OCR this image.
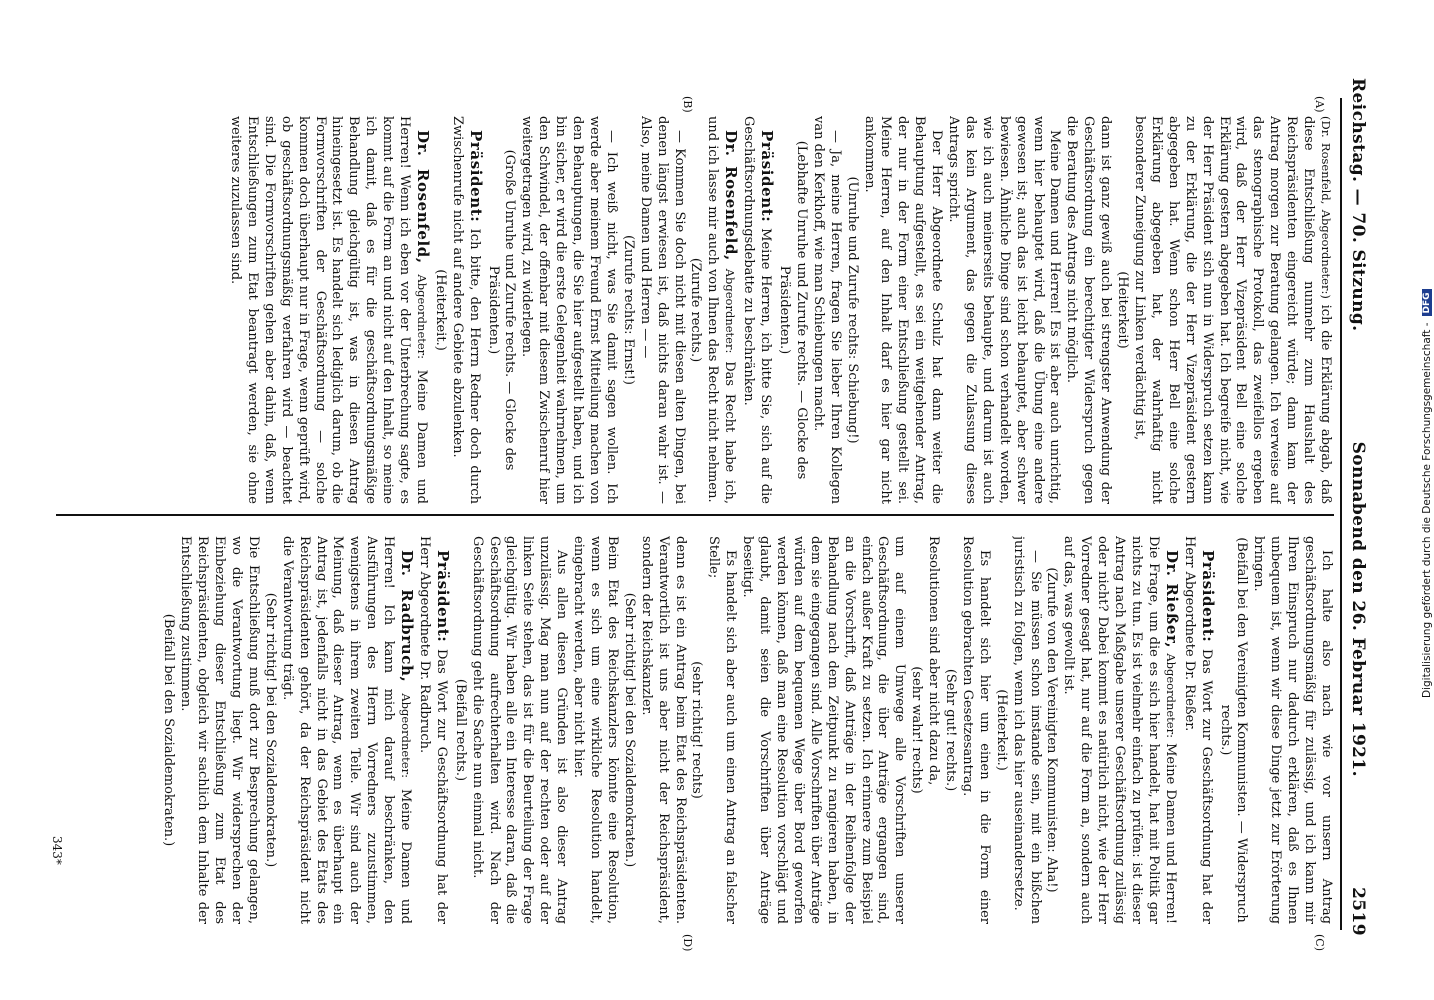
Reichstag. — 70. Sitzung.
Sonnabend den 26. Februar 1921.
2519
(A)
(B)
(C)
(D)

(Dr. Rosenfeld, Abgeordneter:) ich die Erklärung abgab, daß diese Entschließung nunmehr zum Haushalt des Reichspräsidenten eingereicht würde; dann kam der Antrag morgen zur Beratung gelangen. Ich verweise auf das stenographische Protokoll, das zweifellos ergeben wird, daß der Herr Vizepräsident Bell eine solche Erklärung gestern abgegeben hat. Ich begreife nicht, wie der Herr Präsident sich nun in Widerspruch setzen kann zu der Erklärung, die der Herr Vizepräsident gestern abgegeben hat. Wenn schon Herr Bell eine solche Erklärung abgegeben hat, der wahrhaftig nicht besonderer Zuneigung zur Linken verdächtig ist,

(Heiterkeit)

dann ist ganz gewiß auch bei strengster Anwendung der Geschäftsordnung ein berechtigter Widerspruch gegen die Beratung des Antrags nicht möglich.

Meine Damen und Herren! Es ist aber auch unrichtig, wenn hier behauptet wird, daß die Übung eine andere gewesen ist; auch das ist leicht behauptet, aber schwer bewiesen. Ähnliche Dinge sind schon verhandelt worden, wie ich auch meinerseits behaupte, und darum ist auch das kein Argument, das gegen die Zulassung dieses Antrags spricht.

Der Herr Abgeordnete Schulz hat dann weiter die Behauptung aufgestellt, es sei ein weitgehender Antrag, der nur in der Form einer Entschließung gestellt sei. Meine Herren, auf den Inhalt darf es hier gar nicht ankommen.

(Unruhe und Zurufe rechts: Schiebung!)

— Ja, meine Herren, fragen Sie lieber Ihren Kollegen van den Kerkhoff, wie man Schiebungen macht.

(Lebhafte Unruhe und Zurufe rechts. — Glocke des Präsidenten.)

Präsident: Meine Herren, ich bitte Sie, sich auf die Geschäftsordnungsdebatte zu beschränken.

Dr. Rosenfeld, Abgeordneter: Das Recht habe ich, und ich lasse mir auch von Ihnen das Recht nicht nehmen.

(Zurufe rechts.)

— Kommen Sie doch nicht mit diesen alten Dingen, bei denen längst erwiesen ist, daß nichts daran wahr ist. — Also, meine Damen und Herren — —

(Zurufe rechts: Ernst!)

— Ich weiß nicht, was Sie damit sagen wollen. Ich werde aber meinem Freund Ernst Mitteilung machen von den Behauptungen, die Sie hier aufgestellt haben, und ich bin sicher, er wird die erste Gelegenheit wahrnehmen, um den Schwindel, der offenbar mit diesem Zwischenruf hier weitergetragen wird, zu widerlegen.

(Große Unruhe und Zurufe rechts. — Glocke des Präsidenten.)

Präsident: Ich bitte, den Herrn Redner doch durch Zwischenrufe nicht auf andere Gebiete abzulenken.

(Heiterkeit.)

Dr. Rosenfeld, Abgeordneter: Meine Damen und Herren! Wenn ich eben vor der Unterbrechung sagte, es kommt auf die Form an und nicht auf den Inhalt, so meine ich damit, daß es für die geschäftsordnungsmäßige Behandlung gleichgültig ist, was in diesen Antrag hineingesetzt ist. Es handelt sich lediglich darum, ob die Formvorschriften der Geschäftsordnung — solche kommen doch überhaupt nur in Frage, wenn geprüft wird, ob geschäftsordnungsmäßig verfahren wird — beachtet sind. Die Formvorschriften gehen aber dahin, daß, wenn Entschließungen zum Etat beantragt werden, sie ohne weiteres zuzulassen sind.

Ich halte also nach wie vor unsern Antrag geschäftsordnungsmäßig für zulässig, und ich kann mir Ihren Einspruch nur dadurch erklären, daß es Ihnen unbequem ist, wenn wir diese Dinge jetzt zur Erörterung bringen.

(Beifall bei den Vereinigten Kommunisten. — Widerspruch rechts.)

Präsident: Das Wort zur Geschäftsordnung hat der Herr Abgeordnete Dr. Rießer.

Dr. Rießer, Abgeordneter: Meine Damen und Herren! Die Frage, um die es sich hier handelt, hat mit Politik gar nichts zu tun. Es ist vielmehr einfach zu prüfen: ist dieser Antrag nach Maßgabe unserer Geschäftsordnung zulässig oder nicht? Dabei kommt es natürlich nicht, wie der Herr Vorredner gesagt hat, nur auf die Form an, sondern auch auf das, was gewollt ist.

(Zurufe von den Vereinigten Kommunisten: Aha!)

— Sie müssen schon imstande sein, mit ein bißchen juristisch zu folgen, wenn ich das hier auseinandersetze.

(Heiterkeit.)

Es handelt sich hier um einen in die Form einer Resolution gebrachten Gesetzesantrag.

(Sehr gut! rechts.)

Resolutionen sind aber nicht dazu da,

(sehr wahr! rechts)

um auf einem Umwege alle Vorschriften unserer Geschäftsordnung, die über Anträge ergangen sind, einfach außer Kraft zu setzen. Ich erinnere zum Beispiel an die Vorschrift, daß Anträge in der Reihenfolge der Behandlung nach dem Zeitpunkt zu rangieren haben, in dem sie eingegangen sind. Alle Vorschriften über Anträge würden auf dem bequemen Wege über Bord geworfen werden können, daß man eine Resolution vorschlägt und glaubt, damit seien die Vorschriften über Anträge beseitigt.

Es handelt sich aber auch um einen Antrag an falscher Stelle;

(sehr richtig! rechts)

denn es ist ein Antrag beim Etat des Reichspräsidenten. Verantwortlich ist uns aber nicht der Reichspräsident, sondern der Reichskanzler.

(Sehr richtig! bei den Sozialdemokraten.)

Beim Etat des Reichskanzlers könnte eine Resolution, wenn es sich um eine wirkliche Resolution handelt, eingebracht werden, aber nicht hier.

Aus allen diesen Gründen ist also dieser Antrag unzulässig. Mag man nun auf der rechten oder auf der linken Seite stehen, das ist für die Beurteilung der Frage gleichgültig. Wir haben alle ein Interesse daran, daß die Geschäftsordnung aufrechterhalten wird. Nach der Geschäftsordnung geht die Sache nun einmal nicht.

(Beifall rechts.)

Präsident: Das Wort zur Geschäftsordnung hat der Herr Abgeordnete Dr. Radbruch.

Dr. Radbruch, Abgeordneter: Meine Damen und Herren! Ich kann mich darauf beschränken, den Ausführungen des Herrn Vorredners zuzustimmen, wenigstens in ihrem zweiten Teile. Wir sind auch der Meinung, daß dieser Antrag, wenn es überhaupt ein Antrag ist, jedenfalls nicht in das Gebiet des Etats des Reichspräsidenten gehört, da der Reichspräsident nicht die Verantwortung trägt.

(Sehr richtig! bei den Sozialdemokraten.)

Die Entschließung muß dort zur Besprechung gelangen, wo die Verantwortung liegt. Wir widersprechen der Einbeziehung dieser Entschließung zum Etat des Reichspräsidenten, obgleich wir sachlich dem Inhalte der Entschließung zustimmen.

(Beifall bei den Sozialdemokraten.)

343*
Digitalisierung gefördert durch die Deutsche Forschungsgemeinschaft -
DFG
